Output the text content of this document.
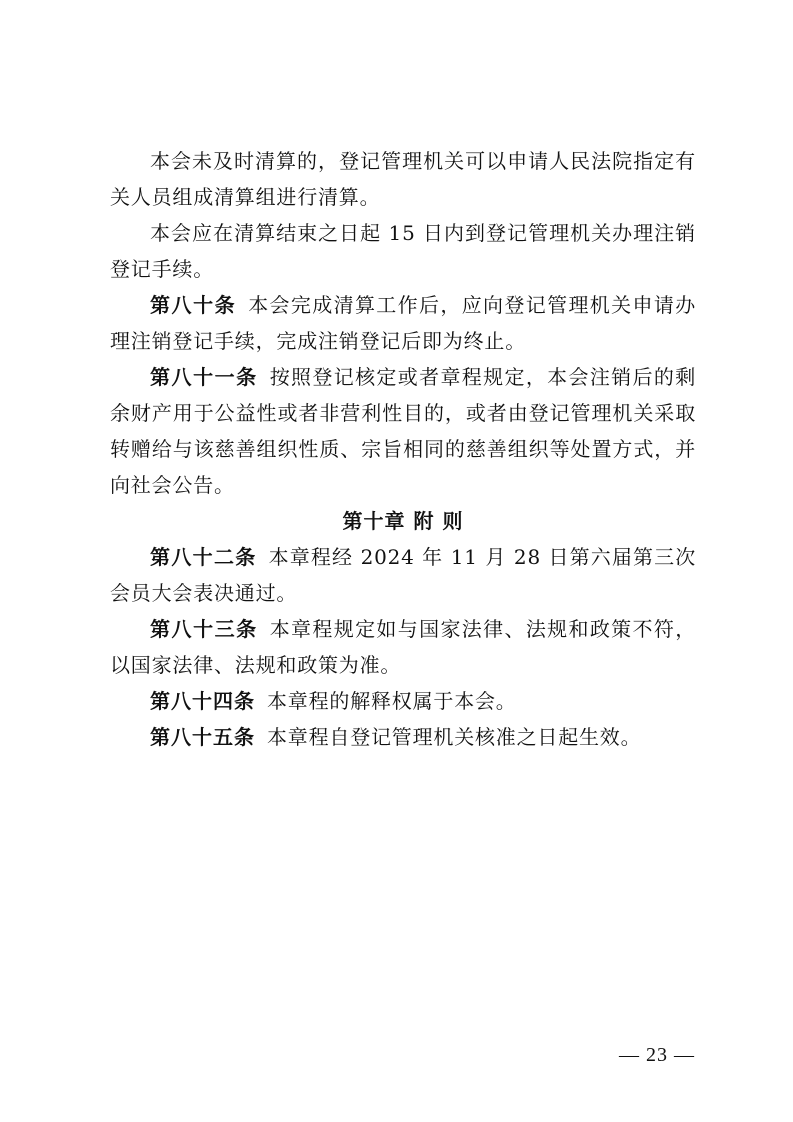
本会未及时清算的，登记管理机关可以申请人民法院指定有关人员组成清算组进行清算。

本会应在清算结束之日起 15 日内到登记管理机关办理注销登记手续。

第八十条 本会完成清算工作后，应向登记管理机关申请办理注销登记手续，完成注销登记后即为终止。

第八十一条 按照登记核定或者章程规定，本会注销后的剩余财产用于公益性或者非营利性目的，或者由登记管理机关采取转赠给与该慈善组织性质、宗旨相同的慈善组织等处置方式，并向社会公告。

第十章 附 则

第八十二条 本章程经 2024 年 11 月 28 日第六届第三次会员大会表决通过。

第八十三条 本章程规定如与国家法律、法规和政策不符，以国家法律、法规和政策为准。

第八十四条 本章程的解释权属于本会。

第八十五条 本章程自登记管理机关核准之日起生效。

— 23 —
